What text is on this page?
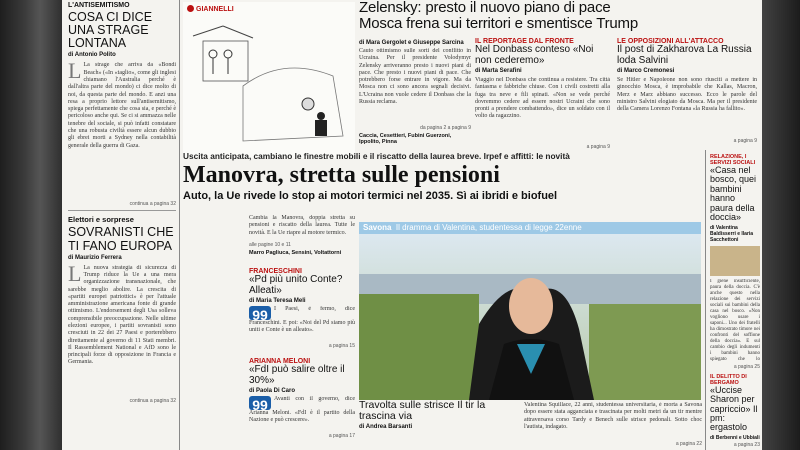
L'ANTISEMITISMO
COSA CI DICE UNA STRAGE LONTANA
di Antonio Polito
L La strage che arriva da «Bondi Beach» («In «taglio», come gli inglesi chiamano l'Australia perché è dall'altra parte del mondo) ci dice molto di noi, da questa parte del mondo. E anzi una resa a proprio lettore sull'antisemitismo, spiega perfettamente che cosa sia, e perché è pericoloso anche qui. Se ci si ammazza nelle tenebre del sociale, si può infatti constatare che una robusta civiltà essere alcun dubbio gli ebrei morti a Sydney nella contabilità generale della guerra di Gaza.
continua a pagina 32
Elettori e sorprese
SOVRANISTI CHE TI FANO EUROPA
di Maurizio Ferrera
L La nuova strategia di sicurezza di Trump riduce la Ue a una mera organizzazione transnazionale, che sarebbe meglio abolire. La crescita di «partiti europei patriottici» è per l'attuale amministrazione americana fonte di grande ottimismo. L'endorsement degli Usa solleva comprensibile preoccupazione. Nelle ultime elezioni europee, i partiti sovranisti sono cresciuti in 22 dei 27 Paesi e porterebbero direttamente al governo di 11 Stati membri. Il Rassemblement National e AfD sono le principali forze di opposizione in Francia e Germania.
continua a pagina 32
GIANNELLI	Zelensky: presto il nuovo piano di pace
Mosca frena sui territori e smentisce Trump
di Mara Gergolet e Giuseppe Sarcina
Cauto ottimismo sulle sorti del conflitto in Ucraina. Per il presidente Volodymyr Zelensky arriveranno presto i nuovi piani di pace. Che presto i nuovi piani di pace. Che potrebbero forse entrare in vigore. Ma da Mosca non ci sono ancora segnali decisivi. L'Ucraina non vuole cedere il Donbass che la Russia reclama.
da pagina 2 a pagina 9
Caccia, Cesettieri, Fubini Guerzoni, Ippolito, Pinna
IL REPORTAGE DAL FRONTE
Nel Donbass conteso «Noi non cederemo»
di Marta Serafini
Viaggio nel Donbass che continua a resistere. Tra città fantasma e fabbriche chiuse. Con i civili costretti alla fuga tra neve e fili spinati. «Non se vede perché dovremmo cedere ad essere nostri Ucraini che sono pronti a prendere combattendo», dice un soldato con il volto da ragazzino.
a pagina 9
LE OPPOSIZIONI ALL'ATTACCO
Il post di Zakharova La Russia loda Salvini
di Marco Cremonesi
Se Hitler e Napoleone non sono riusciti a mettere in ginocchio Mosca, è improbabile che Kallas, Macron, Merz e Marz abbiano successo. Ecco le parole del ministro Salvini elogiato da Mosca. Ma per il presidente della Camera Lorenzo Fontana «la Russia ha fallito».
a pagina 9
Uscita anticipata, cambiano le finestre mobili e il riscatto della laurea breve. Irpef e affitti: le novità
Manovra, stretta sulle pensioni
Auto, la Ue rivede lo stop ai motori termici nel 2035. Sì ai ibridi e biofuel
Cambia la Manovra, doppia stretta su pensioni e riscatto della laurea. Tutte le novità. E la Ue riapre al motore termico.
alle pagine 10 e 11
Marro Pagliuca, Sensini, Voltattorni
FRANCESCHINI
«Pd più unito Conte? Alleati»
di Maria Teresa Meli
99 I Paesi, è fermo, dice Franceschini. E poi: «Noi del Pd siamo più uniti e Conte è un alleato».
a pagina 15
ARIANNA MELONI
«FdI può salire oltre il 30%»
di Paola Di Caro
99 Avanti con il governo, dice Arianna Meloni. «FdI è il partito della Nazione e può crescere».
a pagina 17
Savona Il dramma di Valentina, studentessa di legge 22enne
Travolta sulle strisce Il tir la trascina via
di Andrea Barsanti
Valentina Squillace, 22 anni, studentessa universitaria, è morta a Savona dopo essere stata agganciata e trascinata per molti metri da un tir mentre attraversava corso Tardy e Benech sulle strisce pedonali. Sotto choc l'autista, indagato.
a pagina 22
RELAZIONE, I SERVIZI SOCIALI
«Casa nel bosco, quei bambini hanno paura della doccia»
di Valentina Baldisserri e Ilaria Sacchettoni
I giene insufficiente, paura della doccia. C'è anche questo nella relazione dei servizi sociali sui bambini della casa nel bosco. «Non vogliono usare i saponi... Uno dei fratelli ha dimostrato timore nei confronti del soffione della doccia». E sul cambio degli indumenti i bambini hanno spiegato che lo
a pagina 25
IL DELITTO DI BERGAMO
«Uccise Sharon per capriccio» Il pm: ergastolo
di Berbenni e Ubbiali
a pagina 23
